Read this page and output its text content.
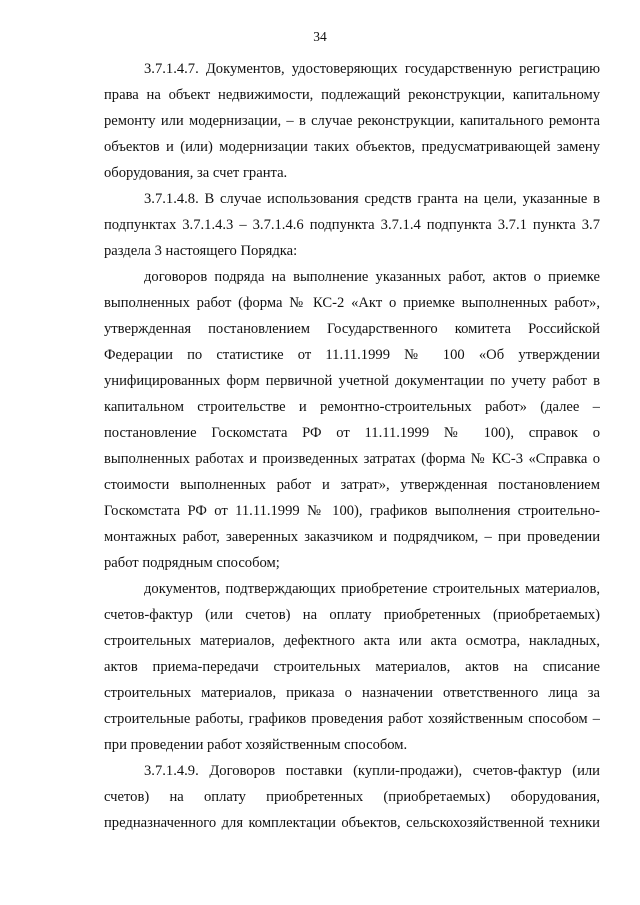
34
3.7.1.4.7. Документов, удостоверяющих государственную регистрацию
права на объект недвижимости, подлежащий реконструкции, капитальному
ремонту или модернизации, – в случае реконструкции, капитального ремонта
объектов и (или) модернизации таких объектов, предусматривающей замену
оборудования, за счет гранта.
3.7.1.4.8. В случае использования средств гранта на цели, указанные в
подпунктах 3.7.1.4.3 – 3.7.1.4.6 подпункта 3.7.1.4 подпункта 3.7.1 пункта 3.7
раздела 3 настоящего Порядка:
договоров подряда на выполнение указанных работ, актов о приемке
выполненных работ (форма № КС-2 «Акт о приемке выполненных работ»,
утвержденная постановлением Государственного комитета Российской
Федерации по статистике от 11.11.1999 № 100 «Об утверждении
унифицированных форм первичной учетной документации по учету работ в
капитальном строительстве и ремонтно-строительных работ» (далее –
постановление Госкомстата РФ от 11.11.1999 № 100), справок о
выполненных работах и произведенных затратах (форма № КС-3 «Справка о
стоимости выполненных работ и затрат», утвержденная постановлением
Госкомстата РФ от 11.11.1999 № 100), графиков выполнения строительно-
монтажных работ, заверенных заказчиком и подрядчиком, – при проведении
работ подрядным способом;
документов, подтверждающих приобретение строительных материалов,
счетов-фактур (или счетов) на оплату приобретенных (приобретаемых)
строительных материалов, дефектного акта или акта осмотра, накладных,
актов приема-передачи строительных материалов, актов на списание
строительных материалов, приказа о назначении ответственного лица за
строительные работы, графиков проведения работ хозяйственным способом –
при проведении работ хозяйственным способом.
3.7.1.4.9. Договоров поставки (купли-продажи), счетов-фактур (или
счетов) на оплату приобретенных (приобретаемых) оборудования,
предназначенного для комплектации объектов, сельскохозяйственной техники
